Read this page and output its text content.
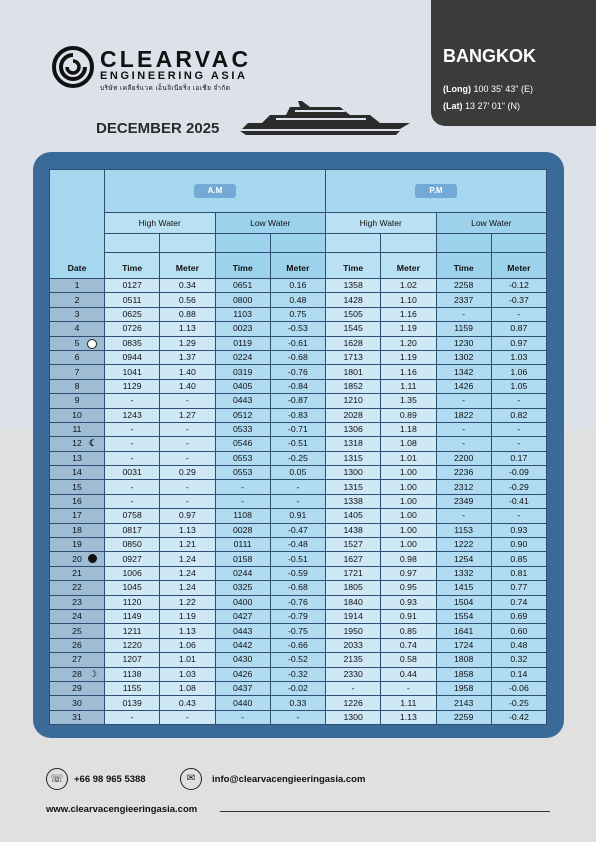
CLEARVAC
ENGINEERING ASIA
บริษัท เคลียร์แวค เอ็นจิเนียริ่ง เอเชีย จำกัด
DECEMBER 2025
BANGKOK
(Long) 100 35' 43" (E)
(Lat) 13 27' 01" (N)
Date	A.M				P.M			
	High Water		Low Water		High Water		Low Water	

	Time	Meter	Time	Meter	Time	Meter	Time	Meter
1	0127	0.34	0651	0.16	1358	1.02	2258	-0.12
2	0511	0.56	0800	0.48	1428	1.10	2337	-0.37
3	0625	0.88	1103	0.75	1505	1.16	-	-
4	0726	1.13	0023	-0.53	1545	1.19	1159	0.87
5	0835	1.29	0119	-0.61	1628	1.20	1230	0.97
6	0944	1.37	0224	-0.68	1713	1.19	1302	1.03
7	1041	1.40	0319	-0.76	1801	1.16	1342	1.06
8	1129	1.40	0405	-0.84	1852	1.11	1426	1.05
9	-	-	0443	-0.87	1210	1.35	-	-
10	1243	1.27	0512	-0.83	2028	0.89	1822	0.82
11	-	-	0533	-0.71	1306	1.18	-	-
12 ☾	-	-	0546	-0.51	1318	1.08	-	-
13	-	-	0553	-0.25	1315	1.01	2200	0.17
14	0031	0.29	0553	0.05	1300	1.00	2236	-0.09
15	-	-	-	-	1315	1.00	2312	-0.29
16	-	-	-	-	1338	1.00	2349	-0.41
17	0758	0.97	1108	0.91	1405	1.00	-	-
18	0817	1.13	0028	-0.47	1438	1.00	1153	0.93
19	0850	1.21	0111	-0.48	1527	1.00	1222	0.90
20	0927	1.24	0158	-0.51	1627	0.98	1254	0.85
21	1006	1.24	0244	-0.59	1721	0.97	1332	0.81
22	1045	1.24	0325	-0.68	1805	0.95	1415	0.77
23	1120	1.22	0400	-0.76	1840	0.93	1504	0.74
24	1149	1.19	0427	-0.79	1914	0.91	1554	0.69
25	1211	1.13	0443	-0.75	1950	0.85	1641	0.60
26	1220	1.06	0442	-0.66	2033	0.74	1724	0.48
27	1207	1.01	0430	-0.52	2135	0.58	1808	0.32
28 ☽	1138	1.03	0426	-0.32	2330	0.44	1858	0.14
29	1155	1.08	0437	-0.02	-	-	1958	-0.06
30	0139	0.43	0440	0.33	1226	1.11	2143	-0.25
31	-	-	-	-	1300	1.13	2259	-0.42
☏	+66 98 965 5388	✉	info@clearvacengieeringasia.com
www.clearvacengieeringasia.com
